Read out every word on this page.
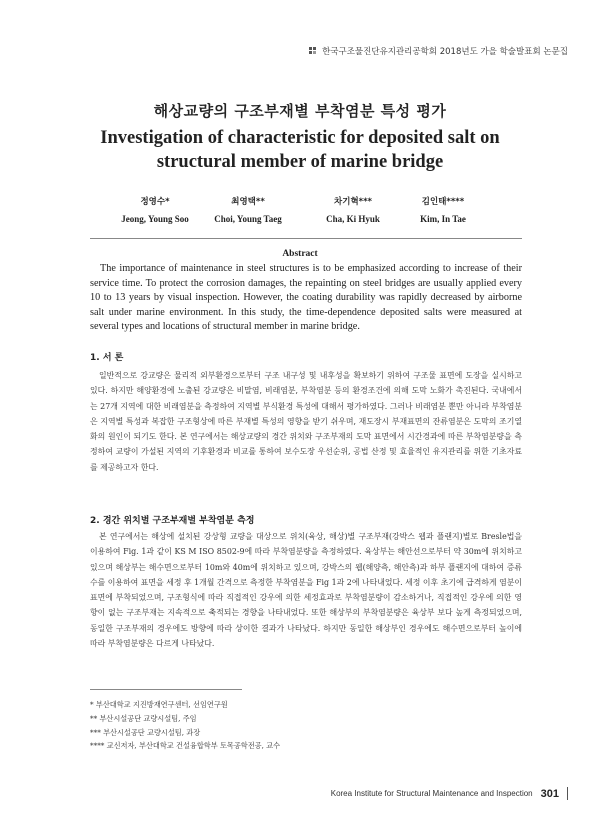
한국구조물진단유지관리공학회 2018년도 가을 학술발표회 논문집
해상교량의 구조부재별 부착염분 특성 평가
Investigation of characteristic for deposited salt on structural member of marine bridge
정영수*
Jeong, Young Soo
최영택**
Choi, Young Taeg
차기혁***
Cha, Ki Hyuk
김인태****
Kim, In Tae
Abstract
The importance of maintenance in steel structures is to be emphasized according to increase of their service time. To protect the corrosion damages, the repainting on steel bridges are usually applied every 10 to 13 years by visual inspection. However, the coating durability was rapidly decreased by airborne salt under marine environment. In this study, the time-dependence deposited salts were measured at several types and locations of structural member in marine bridge.
1. 서 론
일반적으로 강교량은 물리적 외부환경으로부터 구조 내구성 및 내후성을 확보하기 위하여 구조물 표면에 도장을 실시하고 있다. 하지만 해양환경에 노출된 강교량은 비말염, 비래염분, 부착염분 등의 환경조건에 의해 도막 노화가 촉진된다. 국내에서는 27개 지역에 대한 비래염분을 측정하여 지역별 부식환경 특성에 대해서 평가하였다. 그러나 비래염분 뿐만 아니라 부착염분은 지역별 특성과 복잡한 구조형상에 따른 부재별 특성의 영향을 받기 쉬우며, 재도장시 부재표면의 잔류염분은 도막의 조기열화의 원인이 되기도 한다. 본 연구에서는 해상교량의 경간 위치와 구조부재의 도막 표면에서 시간경과에 따른 부착염분량을 측정하여 교량이 가설된 지역의 기후환경과 비교를 통하여 보수도장 우선순위, 공법 산정 및 효율적인 유지관리를 위한 기초자료를 제공하고자 한다.
2. 경간 위치별 구조부재별 부착염분 측정
본 연구에서는 해상에 설치된 강상형 교량을 대상으로 위치(육상, 해상)별 구조부재(강박스 웹과 플랜지)별로 Bresle법을 이용하여 Fig. 1과 같이 KS M ISO 8502-9에 따라 부착염분량을 측정하였다. 육상부는 해안선으로부터 약 30m에 위치하고 있으며 해상부는 해수면으로부터 10m와 40m에 위치하고 있으며, 강박스의 웹(해양측, 해안측)과 하부 플랜지에 대하여 증류수를 이용하여 표면을 세정 후 1개월 간격으로 측정한 부착염분을 Fig 1과 2에 나타내었다. 세정 이후 초기에 급격하게 염분이 표면에 부착되었으며, 구조형식에 따라 직접적인 강우에 의한 세정효과로 부착염분량이 감소하거나, 직접적인 강우에 의한 영향이 없는 구조부재는 지속적으로 축적되는 경향을 나타내었다. 또한 해상부의 부착염분량은 육상부 보다 높게 측정되었으며, 동일한 구조부재의 경우에도 방향에 따라 상이한 결과가 나타났다. 하지만 동일한 해상부인 경우에도 해수면으로부터 높이에 따라 부착염분량은 다르게 나타났다.
* 부산대학교 지진방재연구센터, 선임연구원
** 부산시설공단 교량시설팀, 주임
*** 부산시설공단 교량시설팀, 과장
**** 교신저자, 부산대학교 건설융합학부 토목공학전공, 교수
Korea Institute for Structural Maintenance and Inspection 301
